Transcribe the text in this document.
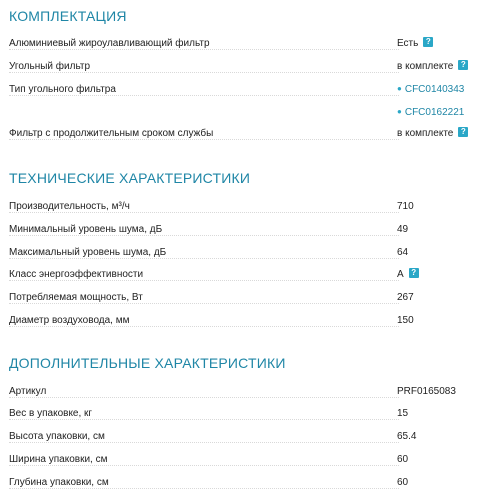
КОМПЛЕКТАЦИЯ
Алюминиевый жироулавливающий фильтр	Есть ?
Угольный фильтр	в комплекте ?
Тип угольного фильтра	● CFC0140343
● CFC0162221
Фильтр с продолжительным сроком службы	в комплекте ?
ТЕХНИЧЕСКИЕ ХАРАКТЕРИСТИКИ
Производительность, м³/ч	710
Минимальный уровень шума, дБ	49
Максимальный уровень шума, дБ	64
Класс энергоэффективности	A ?
Потребляемая мощность, Вт	267
Диаметр воздуховода, мм	150
ДОПОЛНИТЕЛЬНЫЕ ХАРАКТЕРИСТИКИ
Артикул	PRF0165083
Вес в упаковке, кг	15
Высота упаковки, см	65.4
Ширина упаковки, см	60
Глубина упаковки, см	60
